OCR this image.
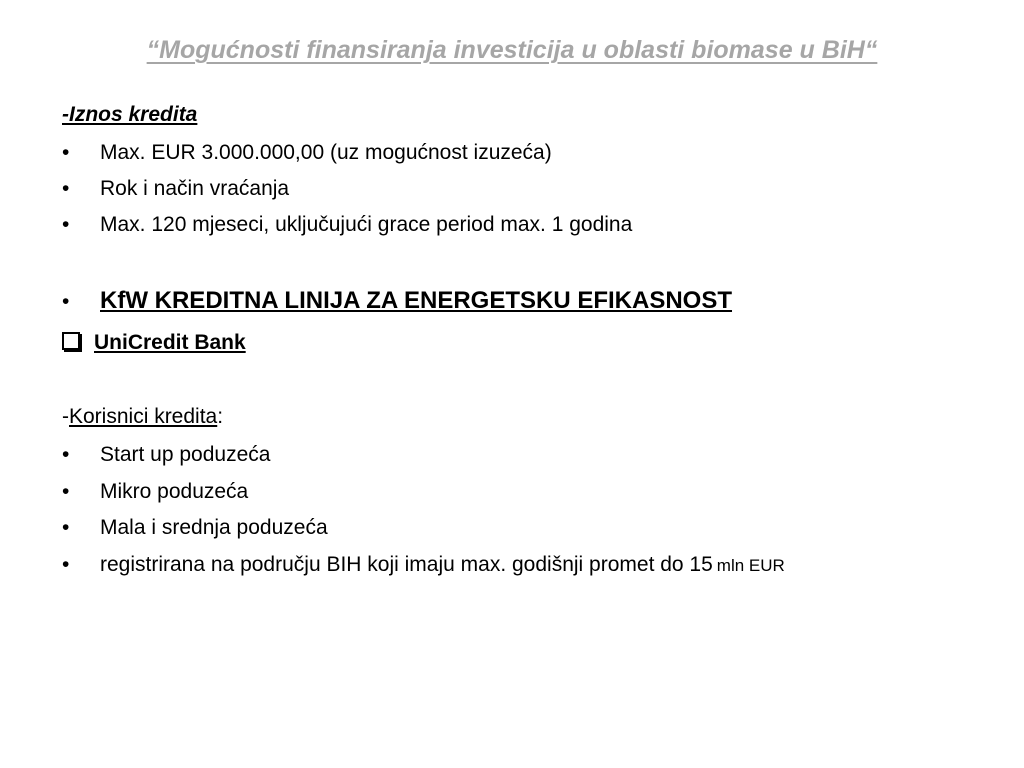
“Mogućnosti finansiranja investicija u oblasti biomase u BiH“
-Iznos kredita
• Max. EUR 3.000.000,00 (uz mogućnost izuzeća)
• Rok i način vraćanja
• Max. 120 mjeseci, uključujući grace period max. 1 godina
• KfW KREDITNA LINIJA ZA ENERGETSKU EFIKASNOST
UniCredit Bank
-Korisnici kredita:
• Start up poduzeća
• Mikro poduzeća
• Mala i srednja poduzeća
• registrirana na području BIH koji imaju max. godišnji promet do 15 mln EUR
